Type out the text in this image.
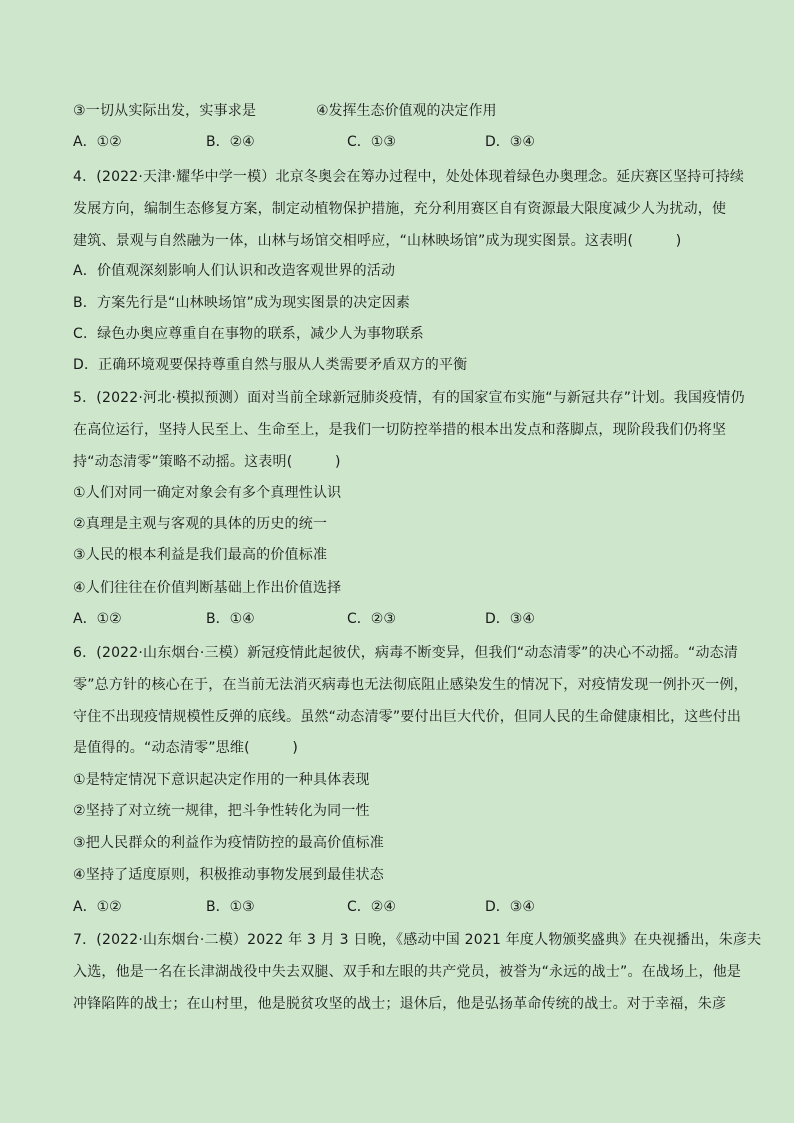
③一切从实际出发，实事求是	④发挥生态价值观的决定作用
A．①②	B．②④	C．①③	D．③④
4．(2022·天津·耀华中学一模）北京冬奥会在筹办过程中，处处体现着绿色办奥理念。延庆赛区坚持可持续
发展方向，编制生态修复方案，制定动植物保护措施，充分利用赛区自有资源最大限度减少人为扰动，使
建筑、景观与自然融为一体，山林与场馆交相呼应，“山林映场馆”成为现实图景。这表明(　　　)
A．价值观深刻影响人们认识和改造客观世界的活动
B．方案先行是“山林映场馆”成为现实图景的决定因素
C．绿色办奥应尊重自在事物的联系，减少人为事物联系
D．正确环境观要保持尊重自然与服从人类需要矛盾双方的平衡
5．(2022·河北·模拟预测）面对当前全球新冠肺炎疫情，有的国家宣布实施“与新冠共存”计划。我国疫情仍
在高位运行，坚持人民至上、生命至上，是我们一切防控举措的根本出发点和落脚点，现阶段我们仍将坚
持“动态清零”策略不动摇。这表明(　　　)
①人们对同一确定对象会有多个真理性认识
②真理是主观与客观的具体的历史的统一
③人民的根本利益是我们最高的价值标准
④人们往往在价值判断基础上作出价值选择
A．①②	B．①④	C．②③	D．③④
6．(2022·山东烟台·三模）新冠疫情此起彼伏，病毒不断变异，但我们“动态清零”的决心不动摇。“动态清
零”总方针的核心在于，在当前无法消灭病毒也无法彻底阻止感染发生的情况下，对疫情发现一例扑灭一例，
守住不出现疫情规模性反弹的底线。虽然“动态清零”要付出巨大代价，但同人民的生命健康相比，这些付出
是值得的。“动态清零”思维(　　　)
①是特定情况下意识起决定作用的一种具体表现
②坚持了对立统一规律，把斗争性转化为同一性
③把人民群众的利益作为疫情防控的最高价值标准
④坚持了适度原则，积极推动事物发展到最佳状态
A．①②	B．①③	C．②④	D．③④
7．(2022·山东烟台·二模）2022 年 3 月 3 日晚，《感动中国 2021 年度人物颁奖盛典》在央视播出，朱彦夫
入选，他是一名在长津湖战役中失去双腿、双手和左眼的共产党员，被誉为“永远的战士”。在战场上，他是
冲锋陷阵的战士；在山村里，他是脱贫攻坚的战士；退休后，他是弘扬革命传统的战士。对于幸福，朱彦
